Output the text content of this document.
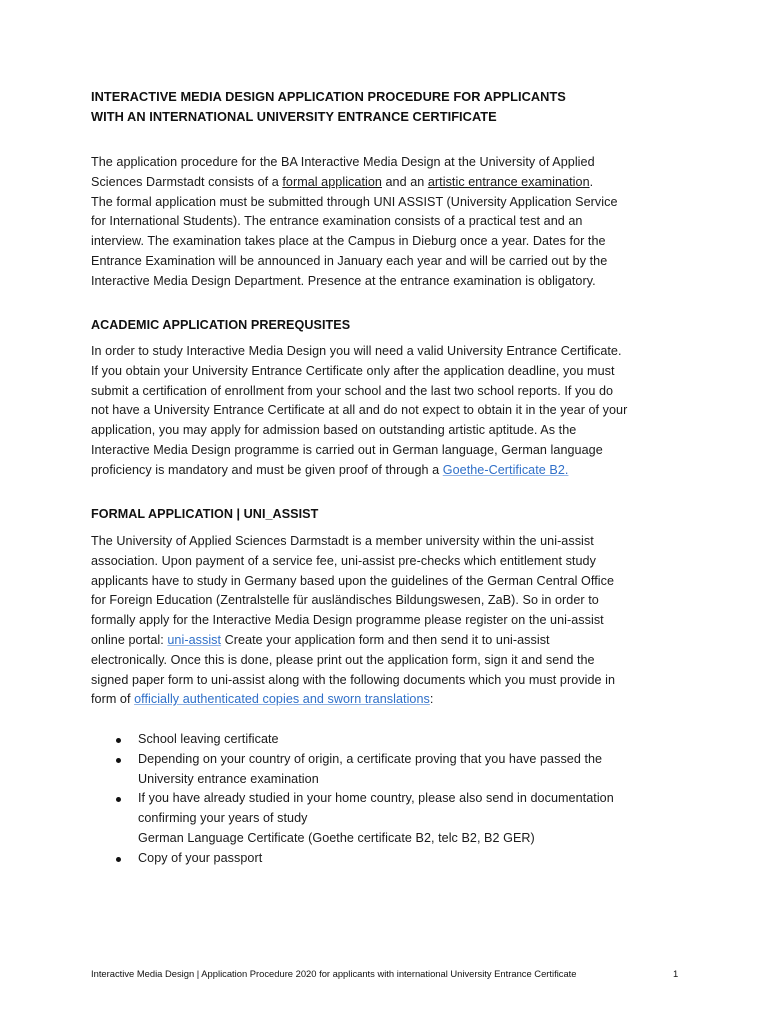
INTERACTIVE MEDIA DESIGN APPLICATION PROCEDURE FOR APPLICANTS
WITH AN INTERNATIONAL UNIVERSITY ENTRANCE CERTIFICATE
The application procedure for the BA Interactive Media Design at the University of Applied
Sciences Darmstadt consists of a formal application and an artistic entrance examination.
The formal application must be submitted through UNI ASSIST (University Application Service
for International Students). The entrance examination consists of a practical test and an
interview. The examination takes place at the Campus in Dieburg once a year. Dates for the
Entrance Examination will be announced in January each year and will be carried out by the
Interactive Media Design Department. Presence at the entrance examination is obligatory.
ACADEMIC APPLICATION PREREQUSITES
In order to study Interactive Media Design you will need a valid University Entrance Certificate.
If you obtain your University Entrance Certificate only after the application deadline, you must
submit a certification of enrollment from your school and the last two school reports. If you do
not have a University Entrance Certificate at all and do not expect to obtain it in the year of your
application, you may apply for admission based on outstanding artistic aptitude. As the
Interactive Media Design programme is carried out in German language, German language
proficiency is mandatory and must be given proof of through a Goethe-Certificate B2.
FORMAL APPLICATION | UNI_ASSIST
The University of Applied Sciences Darmstadt is a member university within the uni-assist
association. Upon payment of a service fee, uni-assist pre-checks which entitlement study
applicants have to study in Germany based upon the guidelines of the German Central Office
for Foreign Education (Zentralstelle für ausländisches Bildungswesen, ZaB). So in order to
formally apply for the Interactive Media Design programme please register on the uni-assist
online portal: uni-assist Create your application form and then send it to uni-assist
electronically. Once this is done, please print out the application form, sign it and send the
signed paper form to uni-assist along with the following documents which you must provide in
form of officially authenticated copies and sworn translations:
School leaving certificate
Depending on your country of origin, a certificate proving that you have passed the
University entrance examination
If you have already studied in your home country, please also send in documentation
confirming your years of study
German Language Certificate (Goethe certificate B2, telc B2, B2 GER)
Copy of your passport
Interactive Media Design | Application Procedure 2020 for applicants with international University Entrance Certificate	1
